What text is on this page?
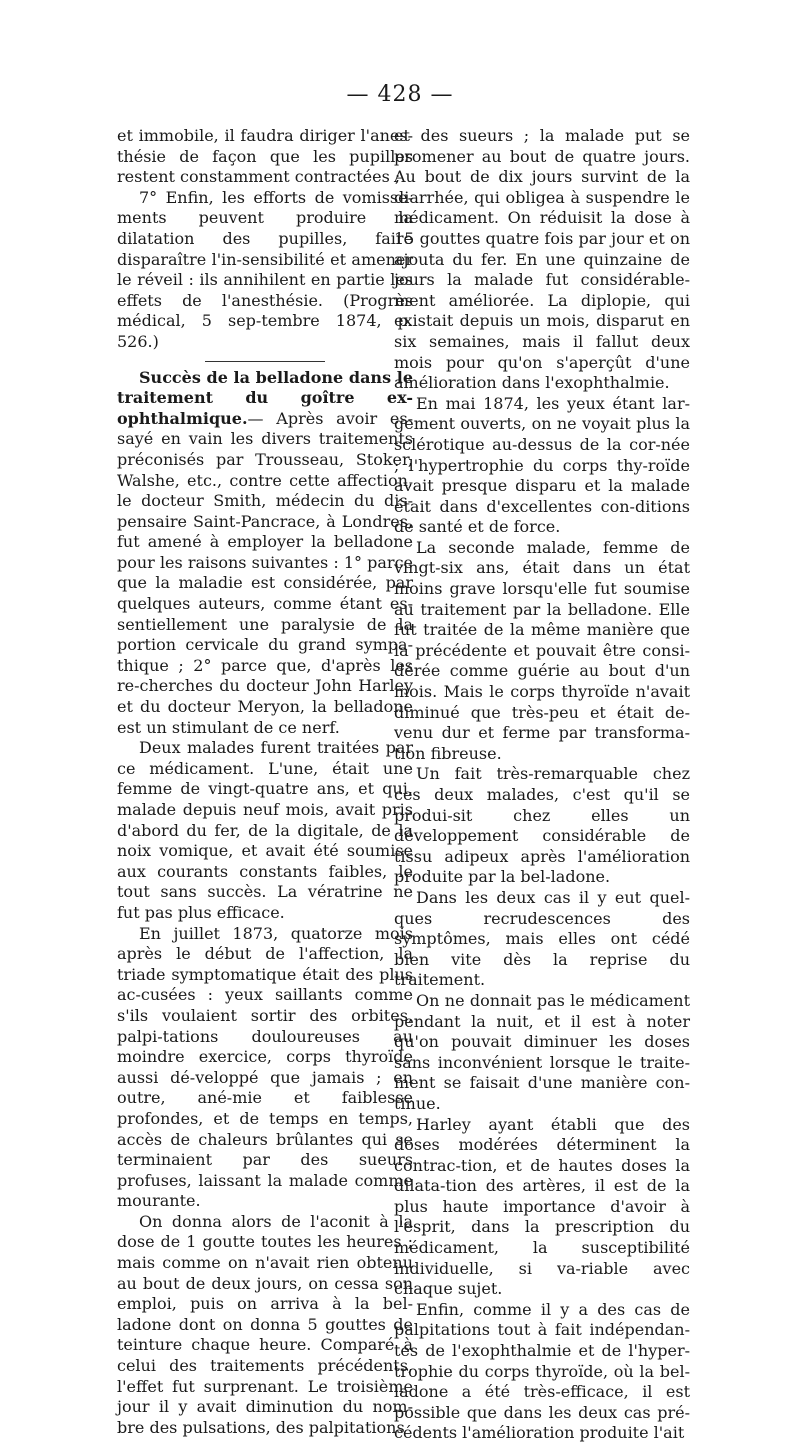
— 428 —

et immobile, il faudra diriger l'anes-thésie de façon que les pupilles restent constamment contractées ;

7° Enfin, les efforts de vomisse-ments peuvent produire la dilatation des pupilles, faire disparaître l'in-sensibilité et amener le réveil : ils annihilent en partie les effets de l'anesthésie. (Progrès médical, 5 sep-tembre 1874, p. 526.)

Succès de la belladone dans le traitement du goître ex-ophthalmique.— Après avoir es-sayé en vain les divers traitements préconisés par Trousseau, Stoker, Walshe, etc., contre cette affection, le docteur Smith, médecin du dis-pensaire Saint-Pancrace, à Londres, fut amené à employer la belladone pour les raisons suivantes : 1° parce que la maladie est considérée, par quelques auteurs, comme étant es-sentiellement une paralysie de la portion cervicale du grand sympa-thique ; 2° parce que, d'après les re-cherches du docteur John Harley et du docteur Meryon, la belladone est un stimulant de ce nerf.

Deux malades furent traitées par ce médicament. L'une, était une femme de vingt-quatre ans, et qui, malade depuis neuf mois, avait pris d'abord du fer, de la digitale, de la noix vomique, et avait été soumise aux courants constants faibles, le tout sans succès. La vératrine ne fut pas plus efficace.

En juillet 1873, quatorze mois après le début de l'affection, la triade symptomatique était des plus ac-cusées : yeux saillants comme s'ils voulaient sortir des orbites, palpi-tations douloureuses au moindre exercice, corps thyroïde aussi dé-veloppé que jamais ; en outre, ané-mie et faiblesse profondes, et de temps en temps, accès de chaleurs brûlantes qui se terminaient par des sueurs profuses, laissant la malade comme mourante.

On donna alors de l'aconit à la dose de 1 goutte toutes les heures ; mais comme on n'avait rien obtenu au bout de deux jours, on cessa son emploi, puis on arriva à la bel-ladone dont on donna 5 gouttes de teinture chaque heure. Comparé à celui des traitements précédents, l'effet fut surprenant. Le troisième jour il y avait diminution du nom-bre des pulsations, des palpitations

et des sueurs ; la malade put se promener au bout de quatre jours. Au bout de dix jours survint de la diarrhée, qui obligea à suspendre le médicament. On réduisit la dose à 15 gouttes quatre fois par jour et on ajouta du fer. En une quinzaine de jours la malade fut considérable-ment améliorée. La diplopie, qui existait depuis un mois, disparut en six semaines, mais il fallut deux mois pour qu'on s'aperçût d'une amélioration dans l'exophthalmie.

En mai 1874, les yeux étant lar-gement ouverts, on ne voyait plus la sclérotique au-dessus de la cor-née ; l'hypertrophie du corps thy-roïde avait presque disparu et la malade était dans d'excellentes con-ditions de santé et de force.

La seconde malade, femme de vingt-six ans, était dans un état moins grave lorsqu'elle fut soumise au traitement par la belladone. Elle fut traitée de la même manière que la précédente et pouvait être consi-dérée comme guérie au bout d'un mois. Mais le corps thyroïde n'avait diminué que très-peu et était de-venu dur et ferme par transforma-tion fibreuse.

Un fait très-remarquable chez ces deux malades, c'est qu'il se produi-sit chez elles un développement considérable de tissu adipeux après l'amélioration produite par la bel-ladone.

Dans les deux cas il y eut quel-ques recrudescences des symptômes, mais elles ont cédé bien vite dès la reprise du traitement.

On ne donnait pas le médicament pendant la nuit, et il est à noter qu'on pouvait diminuer les doses sans inconvénient lorsque le traite-ment se faisait d'une manière con-tinue.

Harley ayant établi que des doses modérées déterminent la contrac-tion, et de hautes doses la dilata-tion des artères, il est de la plus haute importance d'avoir à l'esprit, dans la prescription du médicament, la susceptibilité individuelle, si va-riable avec chaque sujet.

Enfin, comme il y a des cas de palpitations tout à fait indépendan-tes de l'exophthalmie et de l'hyper-trophie du corps thyroïde, où la bel-ladone a été très-efficace, il est possible que dans les deux cas pré-cédents l'amélioration produite l'ait
